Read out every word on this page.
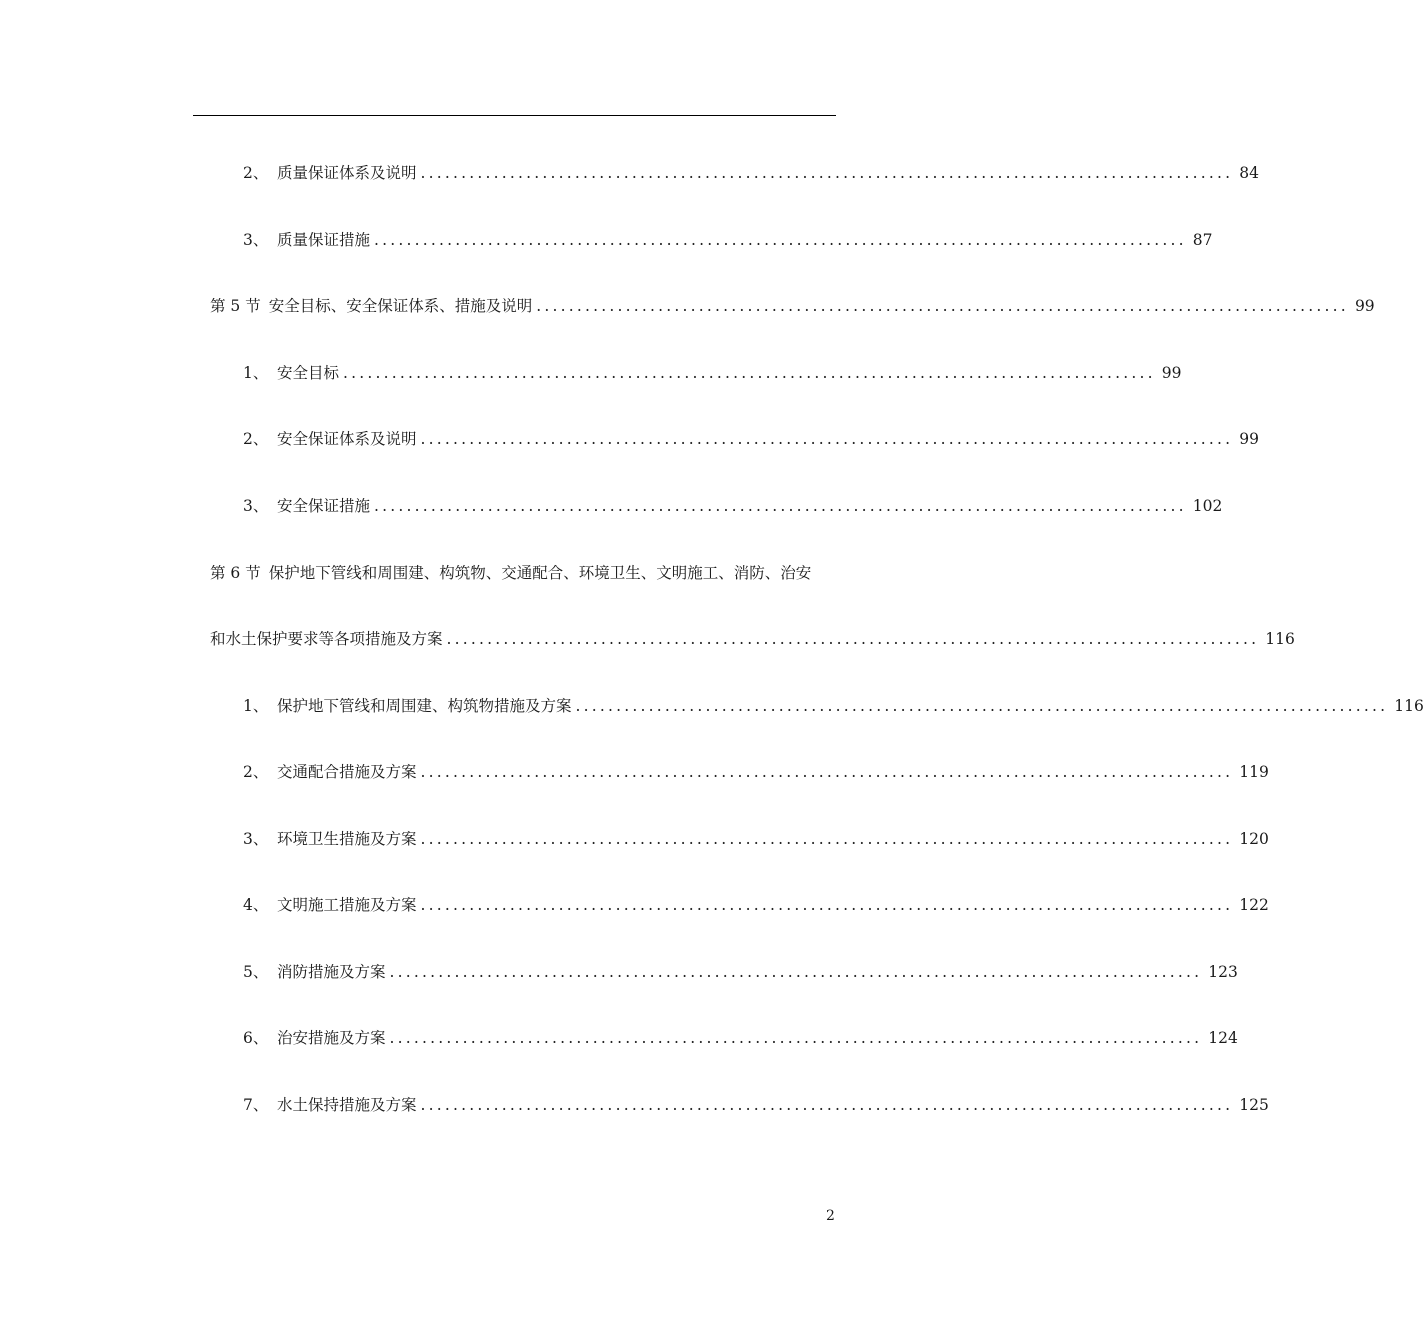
2、 质量保证体系及说明 .................................................................................................... 84
3、 质量保证措施 .................................................................................................... 87
第 5 节 安全目标、安全保证体系、措施及说明 .................................................................................................... 99
1、 安全目标 .................................................................................................... 99
2、 安全保证体系及说明 .................................................................................................... 99
3、 安全保证措施 .................................................................................................... 102
第 6 节 保护地下管线和周围建、构筑物、交通配合、环境卫生、文明施工、消防、治安
和水土保护要求等各项措施及方案 .................................................................................................... 116
1、 保护地下管线和周围建、构筑物措施及方案 .................................................................................................... 116
2、 交通配合措施及方案 .................................................................................................... 119
3、 环境卫生措施及方案 .................................................................................................... 120
4、 文明施工措施及方案 .................................................................................................... 122
5、 消防措施及方案 .................................................................................................... 123
6、 治安措施及方案 .................................................................................................... 124
7、 水土保持措施及方案 .................................................................................................... 125
2
